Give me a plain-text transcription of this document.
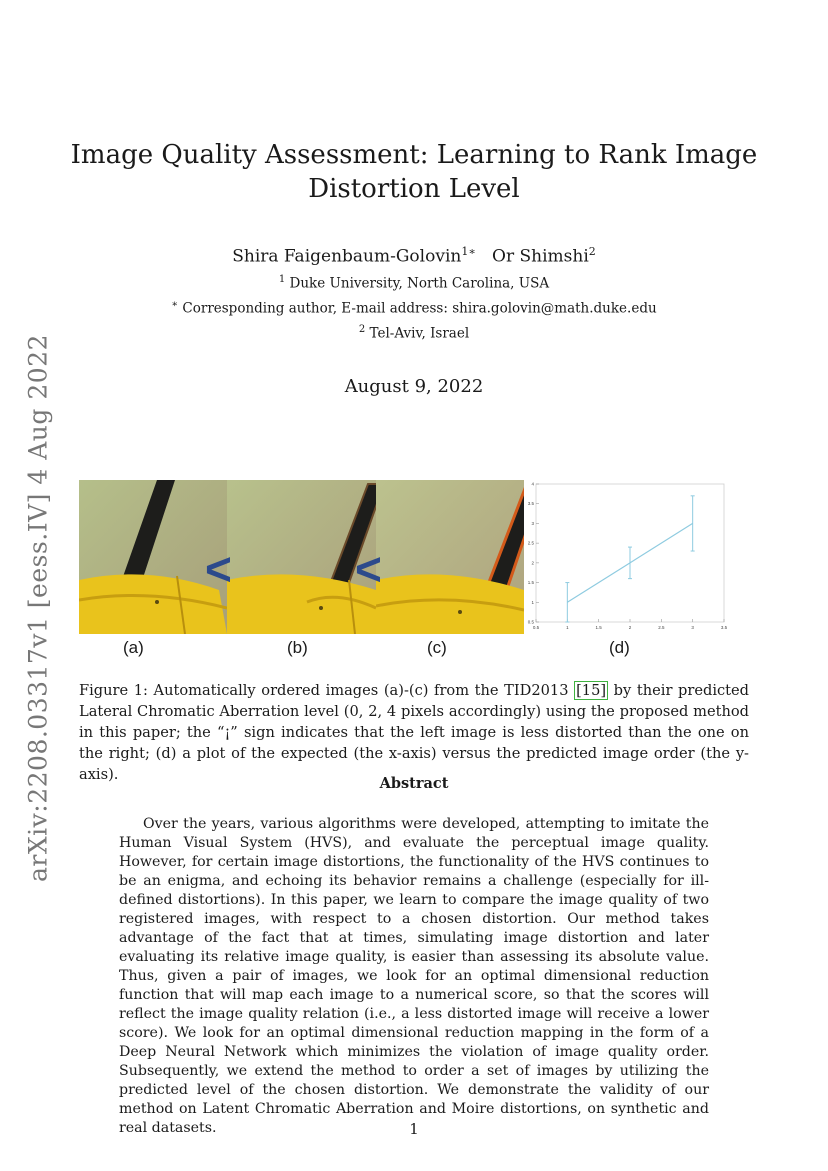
arXiv:2208.03317v1 [eess.IV] 4 Aug 2022
Image Quality Assessment: Learning to Rank Image
Distortion Level
Shira Faigenbaum-Golovin$^{1∗}$ Or Shimshi$^2$
$^1$ Duke University, North Carolina, USA
∗ Corresponding author, E-mail address: shira.golovin@math.duke.edu
$^2$ Tel-Aviv, Israel
August 9, 2022
<	<
0.5	1	1.5	2	2.5	3	3.5
0.5
1
1.5
2
2.5
3
3.5
4
(a)	(b)	(c)	(d)
Figure 1: Automatically ordered images (a)-(c) from the TID2013 [15] by their predicted Lateral Chromatic Aberration level (0, 2, 4 pixels accordingly) using the proposed method in this paper; the “¡” sign indicates that the left image is less distorted than the one on the right; (d) a plot of the expected (the x-axis) versus the predicted image order (the y-axis).
Abstract
Over the years, various algorithms were developed, attempting to imitate the Human Visual System (HVS), and evaluate the perceptual image quality. However, for certain image distortions, the functionality of the HVS continues to be an enigma, and echoing its behavior remains a challenge (especially for ill-defined distortions). In this paper, we learn to compare the image quality of two registered images, with respect to a chosen distortion. Our method takes advantage of the fact that at times, simulating image distortion and later evaluating its relative image quality, is easier than assessing its absolute value. Thus, given a pair of images, we look for an optimal dimensional reduction function that will map each image to a numerical score, so that the scores will reflect the image quality relation (i.e., a less distorted image will receive a lower score). We look for an optimal dimensional reduction mapping in the form of a Deep Neural Network which minimizes the violation of image quality order. Subsequently, we extend the method to order a set of images by utilizing the predicted level of the chosen distortion. We demonstrate the validity of our method on Latent Chromatic Aberration and Moire distortions, on synthetic and real datasets.	1
